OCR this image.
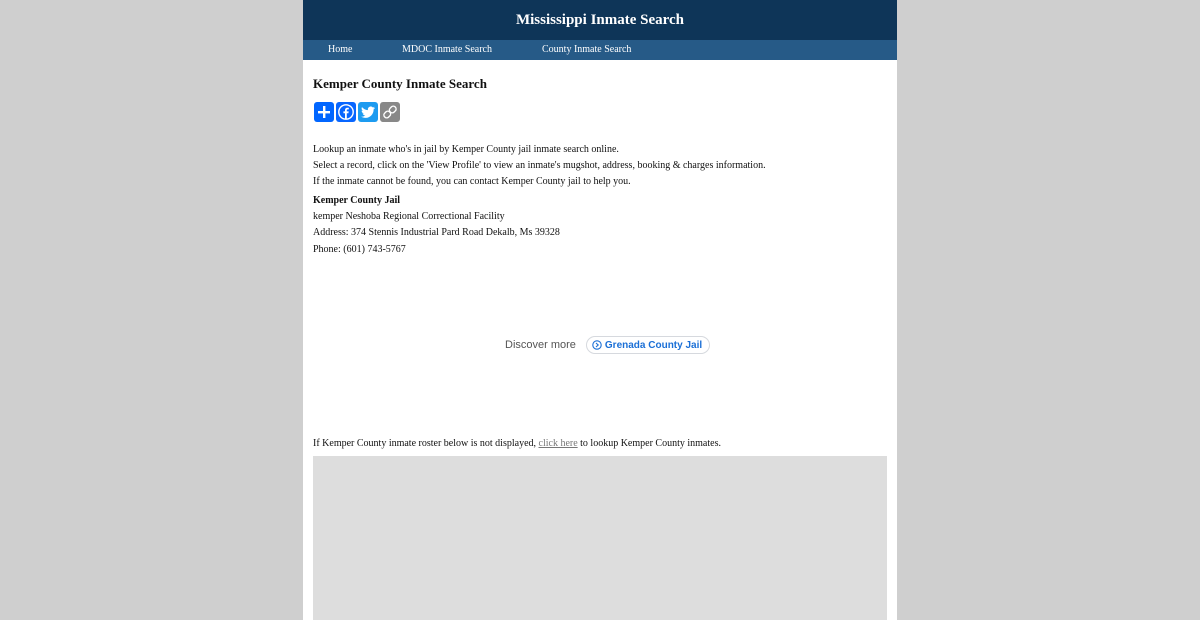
Mississippi Inmate Search
Home	MDOC Inmate Search	County Inmate Search
Kemper County Inmate Search
Lookup an inmate who's in jail by Kemper County jail inmate search online.
Select a record, click on the 'View Profile' to view an inmate's mugshot, address, booking & charges information.
If the inmate cannot be found, you can contact Kemper County jail to help you.
Kemper County Jail
kemper Neshoba Regional Correctional Facility
Address: 374 Stennis Industrial Pard Road Dekalb, Ms 39328
Phone: (601) 743-5767
Discover more	Grenada County Jail
If Kemper County inmate roster below is not displayed, click here to lookup Kemper County inmates.
